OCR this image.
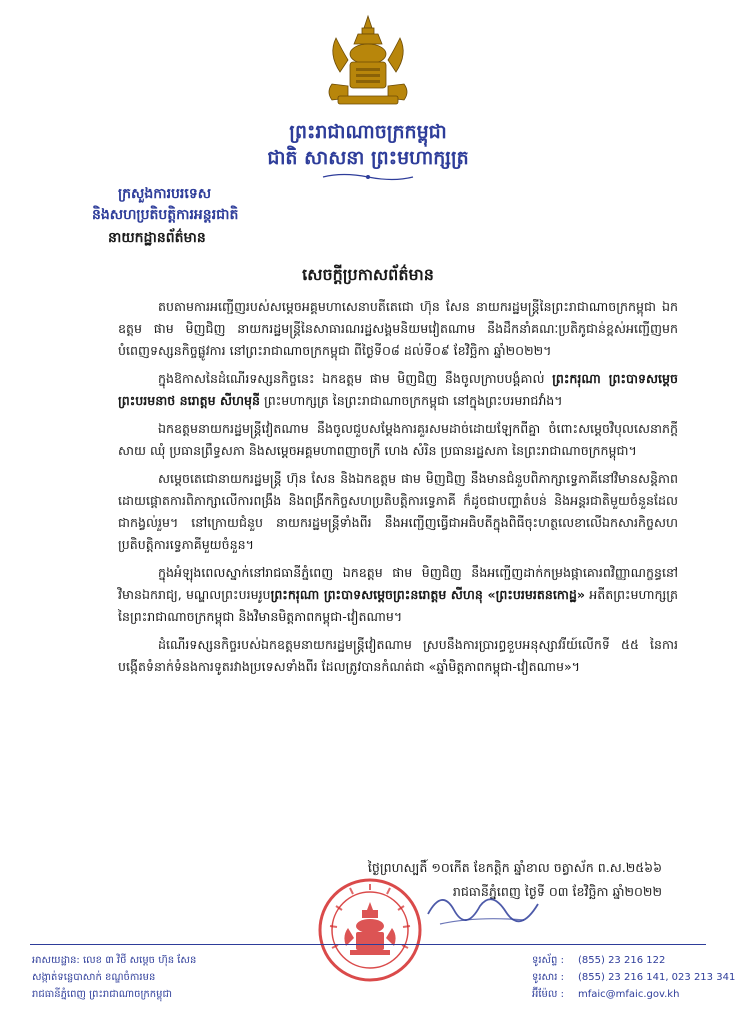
ព្រះរាជាណាចក្រកម្ពុជា
ជាតិ សាសនា ព្រះមហាក្សត្រ
ក្រសួងការបរទេស
និងសហប្រតិបត្តិការអន្តរជាតិ
នាយកដ្ឋានព័ត៌មាន
សេចក្តីប្រកាសព័ត៌មាន

តបតាមការអញ្ជើញរបស់សម្តេចអគ្គមហាសេនាបតីតេជោ ហ៊ុន សែន នាយករដ្ឋមន្ត្រីនៃព្រះរាជាណាចក្រកម្ពុជា ឯកឧត្តម ផាម មិញជិញ នាយករដ្ឋមន្ត្រីនៃសាធារណរដ្ឋសង្គមនិយមវៀតណាម នឹងដឹកនាំគណៈប្រតិភូជាន់ខ្ពស់អញ្ជើញមកបំពេញទស្សនកិច្ចផ្លូវការ នៅព្រះរាជាណាចក្រកម្ពុជា ពីថ្ងៃទី០៨ ដល់ទី០៩ ខែវិច្ឆិកា ឆ្នាំ២០២២។

ក្នុងឱកាសនៃដំណើរទស្សនកិច្ចនេះ ឯកឧត្តម ផាម មិញជិញ នឹងចូលក្រាបបង្គំគាល់ ព្រះករុណា ព្រះបាទសម្តេចព្រះបរមនាថ នរោត្តម សីហមុនី ព្រះមហាក្សត្រ នៃព្រះរាជាណាចក្រកម្ពុជា នៅក្នុងព្រះបរមរាជវាំង។

ឯកឧត្តមនាយករដ្ឋមន្ត្រីវៀតណាម នឹងចូលជួបសម្តែងការគួរសមដាច់ដោយឡែកពីគ្នា ចំពោះសម្តេចវិបុលសេនាភក្តី សាយ ឈុំ ប្រធានព្រឹទ្ធសភា និងសម្តេចអគ្គមហាពញាចក្រី ហេង សំរិន ប្រធានរដ្ឋសភា នៃព្រះរាជាណាចក្រកម្ពុជា។

សម្តេចតេជោនាយករដ្ឋមន្ត្រី ហ៊ុន សែន និងឯកឧត្តម ផាម មិញជិញ នឹងមានជំនួបពិភាក្សាទ្វេភាគីនៅវិមានសន្តិភាព ដោយផ្តោតការពិភាក្សាលើការពង្រឹង និងពង្រីកកិច្ចសហប្រតិបត្តិការទ្វេភាគី ក៏ដូចជាបញ្ហាតំបន់ និងអន្តរជាតិមួយចំនួនដែលជាកង្វល់រួម។ នៅក្រោយជំនួប នាយករដ្ឋមន្ត្រីទាំងពីរ នឹងអញ្ជើញធ្វើជាអធិបតីក្នុងពិធីចុះហត្ថលេខាលើឯកសារកិច្ចសហប្រតិបត្តិការទ្វេភាគីមួយចំនួន។

ក្នុងអំឡុងពេលស្នាក់នៅរាជធានីភ្នំពេញ ឯកឧត្តម ផាម មិញជិញ នឹងអញ្ជើញដាក់កម្រងផ្កាគោរពវិញ្ញាណក្ខន្ធនៅវិមានឯករាជ្យ, មណ្ឌលព្រះបរមរូបព្រះករុណា ព្រះបាទសម្តេចព្រះនរោត្តម សីហនុ «ព្រះបរមរតនកោដ្ឋ» អតីតព្រះមហាក្សត្រនៃព្រះរាជាណាចក្រកម្ពុជា និងវិមានមិត្តភាពកម្ពុជា-វៀតណាម។

ដំណើរទស្សនកិច្ចរបស់ឯកឧត្តមនាយករដ្ឋមន្ត្រីវៀតណាម ស្របនឹងការប្រារព្ធខួបអនុស្សាវរីយ៍លើកទី ៥៥ នៃការបង្កើតទំនាក់ទំនងការទូតរវាងប្រទេសទាំងពីរ ដែលត្រូវបានកំណត់ជា «ឆ្នាំមិត្តភាពកម្ពុជា-វៀតណាម»។

ថ្ងៃព្រហស្បតិ៍ ១០កើត ខែកត្តិក ឆ្នាំខាល ចត្វាស័ក ព.ស.២៥៦៦
រាជធានីភ្នំពេញ ថ្ងៃទី ០៣ ខែវិច្ឆិកា ឆ្នាំ២០២២
អាសយដ្ឋាន: លេខ ៣ វិថី សម្តេច ហ៊ុន សែន
សង្កាត់ទន្លេបាសាក់ ខណ្ឌចំការមន
រាជធានីភ្នំពេញ ព្រះរាជាណាចក្រកម្ពុជា
ទូរស័ព្ទ : (855) 23 216 122
ទូរសារ : (855) 23 216 141, 023 213 341
អ៊ីម៉ែល : mfaic@mfaic.gov.kh
